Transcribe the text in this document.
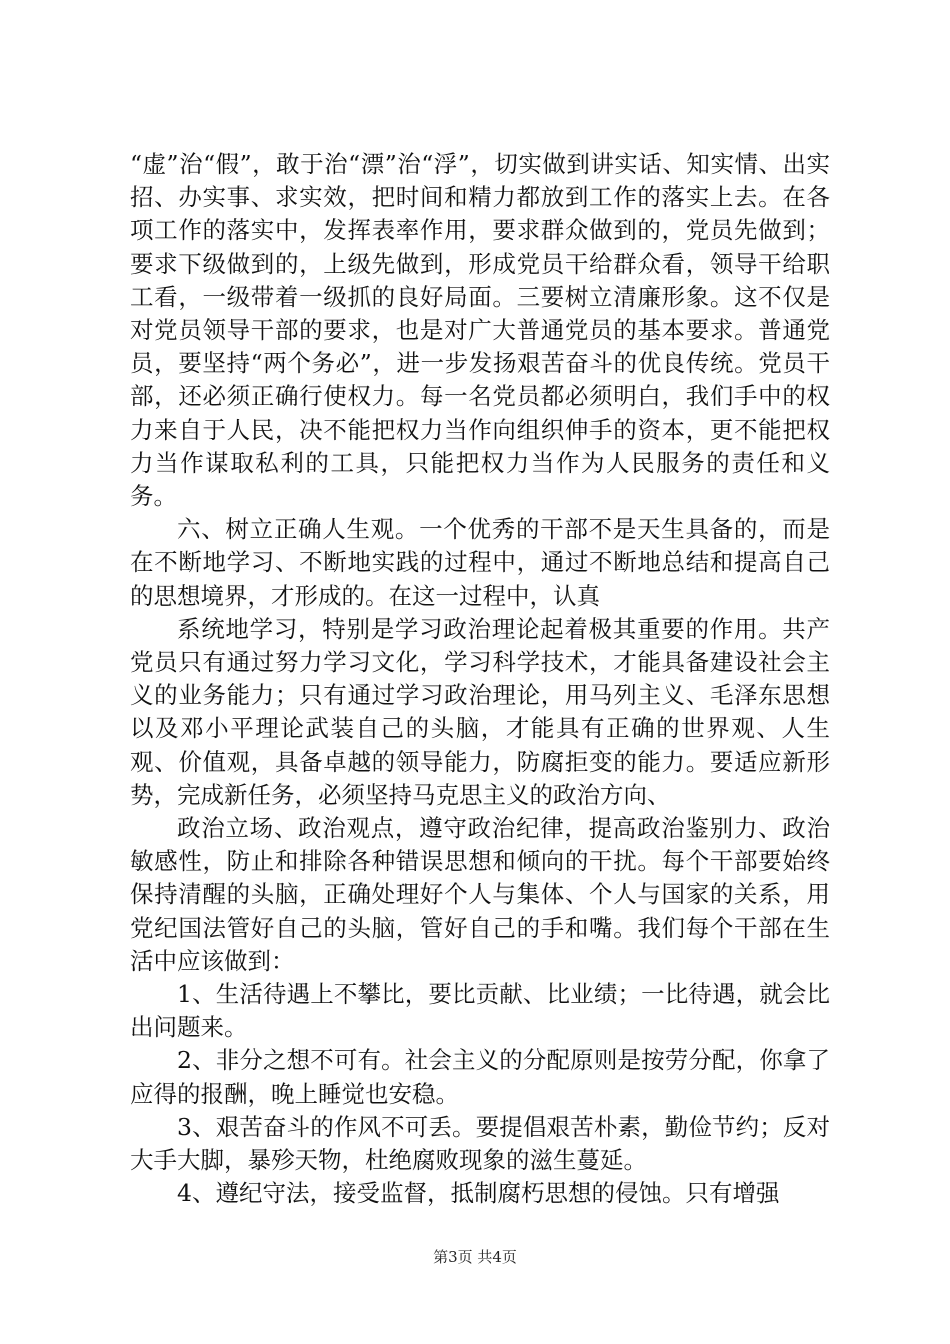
“虚”治“假”，敢于治“漂”治“浮”，切实做到讲实话、知实情、出实招、办实事、求实效，把时间和精力都放到工作的落实上去。在各项工作的落实中，发挥表率作用，要求群众做到的，党员先做到；要求下级做到的，上级先做到，形成党员干给群众看，领导干给职工看，一级带着一级抓的良好局面。三要树立清廉形象。这不仅是对党员领导干部的要求，也是对广大普通党员的基本要求。普通党员，要坚持“两个务必”，进一步发扬艰苦奋斗的优良传统。党员干部，还必须正确行使权力。每一名党员都必须明白，我们手中的权力来自于人民，决不能把权力当作向组织伸手的资本，更不能把权力当作谋取私利的工具，只能把权力当作为人民服务的责任和义务。

六、树立正确人生观。一个优秀的干部不是天生具备的，而是在不断地学习、不断地实践的过程中，通过不断地总结和提高自己的思想境界，才形成的。在这一过程中，认真

系统地学习，特别是学习政治理论起着极其重要的作用。共产党员只有通过努力学习文化，学习科学技术，才能具备建设社会主义的业务能力；只有通过学习政治理论，用马列主义、毛泽东思想以及邓小平理论武装自己的头脑，才能具有正确的世界观、人生观、价值观，具备卓越的领导能力，防腐拒变的能力。要适应新形势，完成新任务，必须坚持马克思主义的政治方向、

政治立场、政治观点，遵守政治纪律，提高政治鉴别力、政治敏感性，防止和排除各种错误思想和倾向的干扰。每个干部要始终保持清醒的头脑，正确处理好个人与集体、个人与国家的关系，用党纪国法管好自己的头脑，管好自己的手和嘴。我们每个干部在生活中应该做到：

1、生活待遇上不攀比，要比贡献、比业绩；一比待遇，就会比出问题来。

2、非分之想不可有。社会主义的分配原则是按劳分配，你拿了应得的报酬，晚上睡觉也安稳。

3、艰苦奋斗的作风不可丢。要提倡艰苦朴素，勤俭节约；反对大手大脚，暴殄天物，杜绝腐败现象的滋生蔓延。

4、遵纪守法，接受监督，抵制腐朽思想的侵蚀。只有增强

第3页 共4页
